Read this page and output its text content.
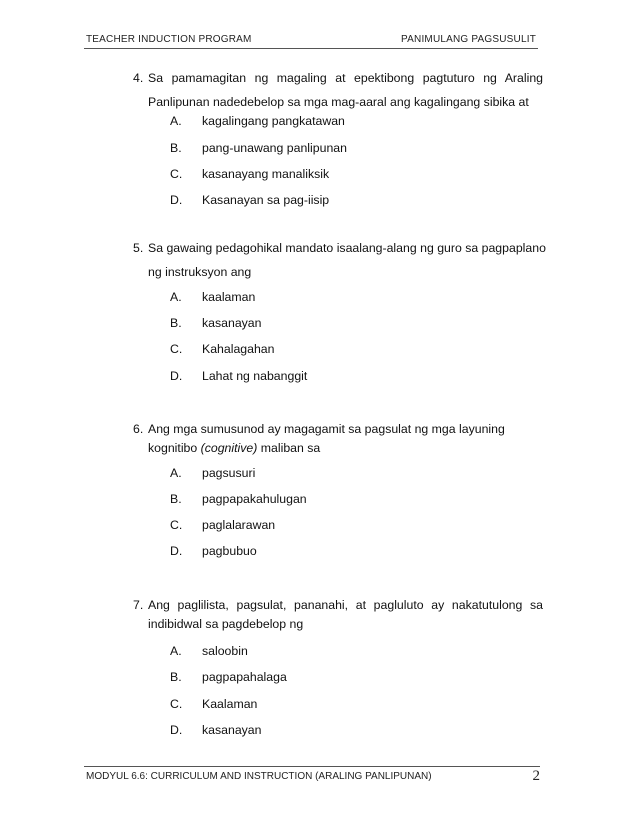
TEACHER INDUCTION PROGRAM	PANIMULANG PAGSUSULIT
4. Sa pamamagitan ng magaling at epektibong pagtuturo ng Araling
Panlipunan nadedebelop sa mga mag-aaral ang kagalingang sibika at
A. kagalingang pangkatawan
B. pang-unawang panlipunan
C. kasanayang manaliksik
D. Kasanayan sa pag-iisip
5. Sa gawaing pedagohikal mandato isaalang-alang ng guro sa pagpaplano
ng instruksyon ang
A. kaalaman
B. kasanayan
C. Kahalagahan
D. Lahat ng nabanggit
6. Ang mga sumusunod ay magagamit sa pagsulat ng mga layuning
kognitibo (cognitive) maliban sa
A. pagsusuri
B. pagpapakahulugan
C. paglalarawan
D. pagbubuo
7. Ang paglilista, pagsulat, pananahi, at pagluluto ay nakatutulong sa
indibidwal sa pagdebelop ng
A. saloobin
B. pagpapahalaga
C. Kaalaman
D. kasanayan
MODYUL 6.6: CURRICULUM AND INSTRUCTION (ARALING PANLIPUNAN)	2
